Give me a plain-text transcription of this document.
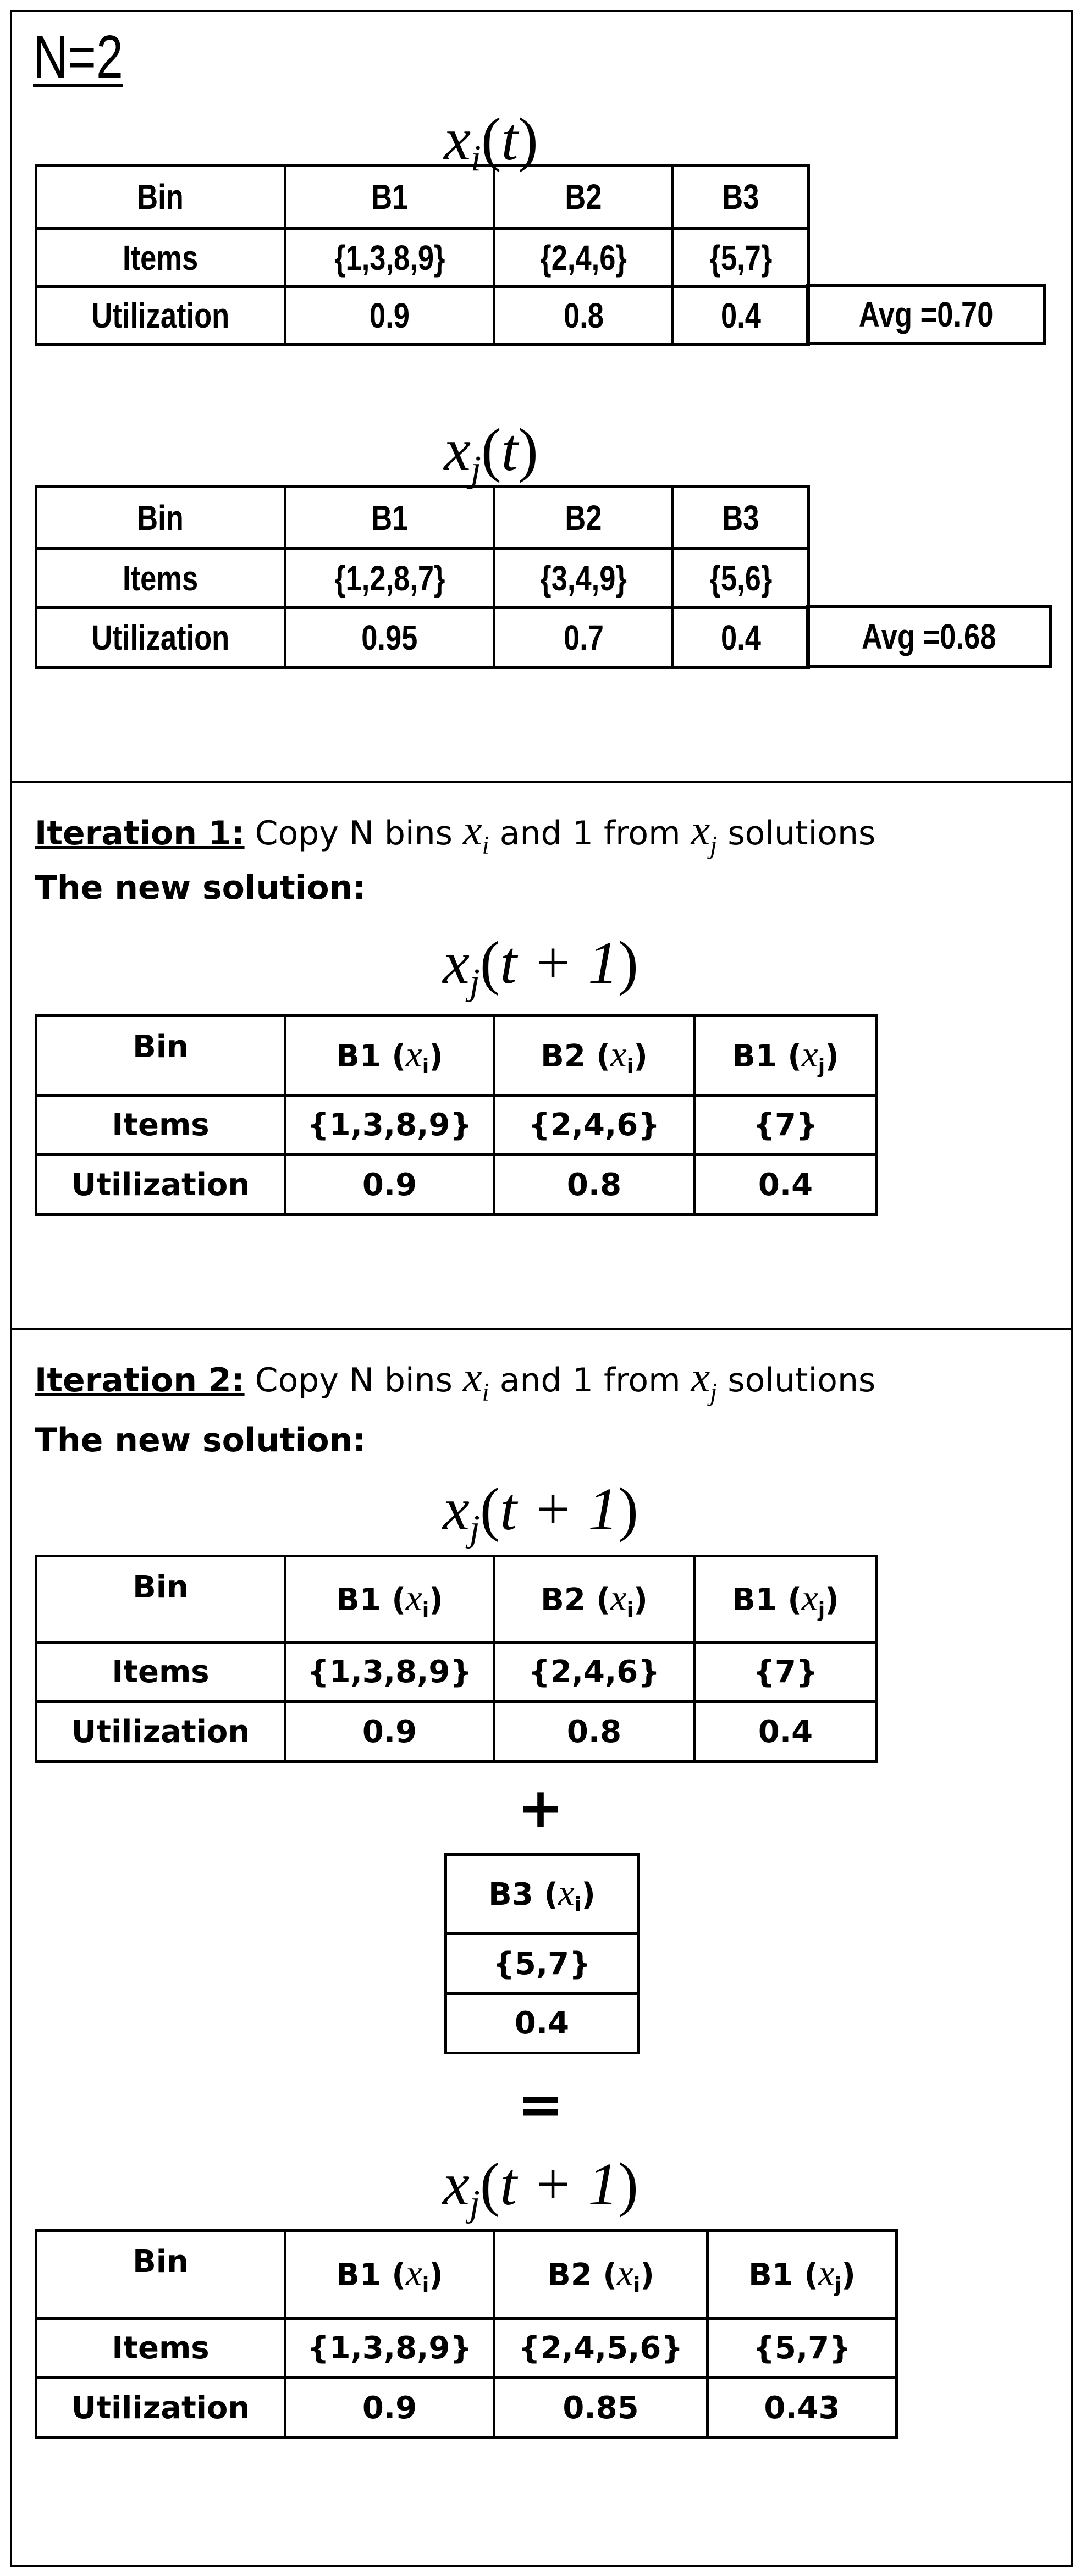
N=2
$x_i(t)$
Bin	B1	B2	B3
Items	{1,3,8,9}	{2,4,6}	{5,7}
Utilization	0.9	0.8	0.4	Avg =0.70
$x_j(t)$
Bin	B1	B2	B3
Items	{1,2,8,7}	{3,4,9}	{5,6}
Utilization	0.95	0.7	0.4	Avg =0.68
Iteration 1: Copy N bins $x_i$ and 1 from $x_j$ solutions
The new solution:
$x_j(t + 1)$
Bin	B1 $(x_i)$	B2 $(x_i)$	B1 $(x_j)$
Items	{1,3,8,9}	{2,4,6}	{7}
Utilization	0.9	0.8	0.4
Iteration 2: Copy N bins $x_i$ and 1 from $x_j$ solutions
The new solution:
$x_j(t + 1)$
Bin	B1 $(x_i)$	B2 $(x_i)$	B1 $(x_j)$
Items	{1,3,8,9}	{2,4,6}	{7}
Utilization	0.9	0.8	0.4
+
B3 $(x_i)$
{5,7}
0.4
=
$x_j(t + 1)$
Bin	B1 $(x_i)$	B2 $(x_i)$	B1 $(x_j)$
Items	{1,3,8,9}	{2,4,5,6}	{5,7}
Utilization	0.9	0.85	0.43
